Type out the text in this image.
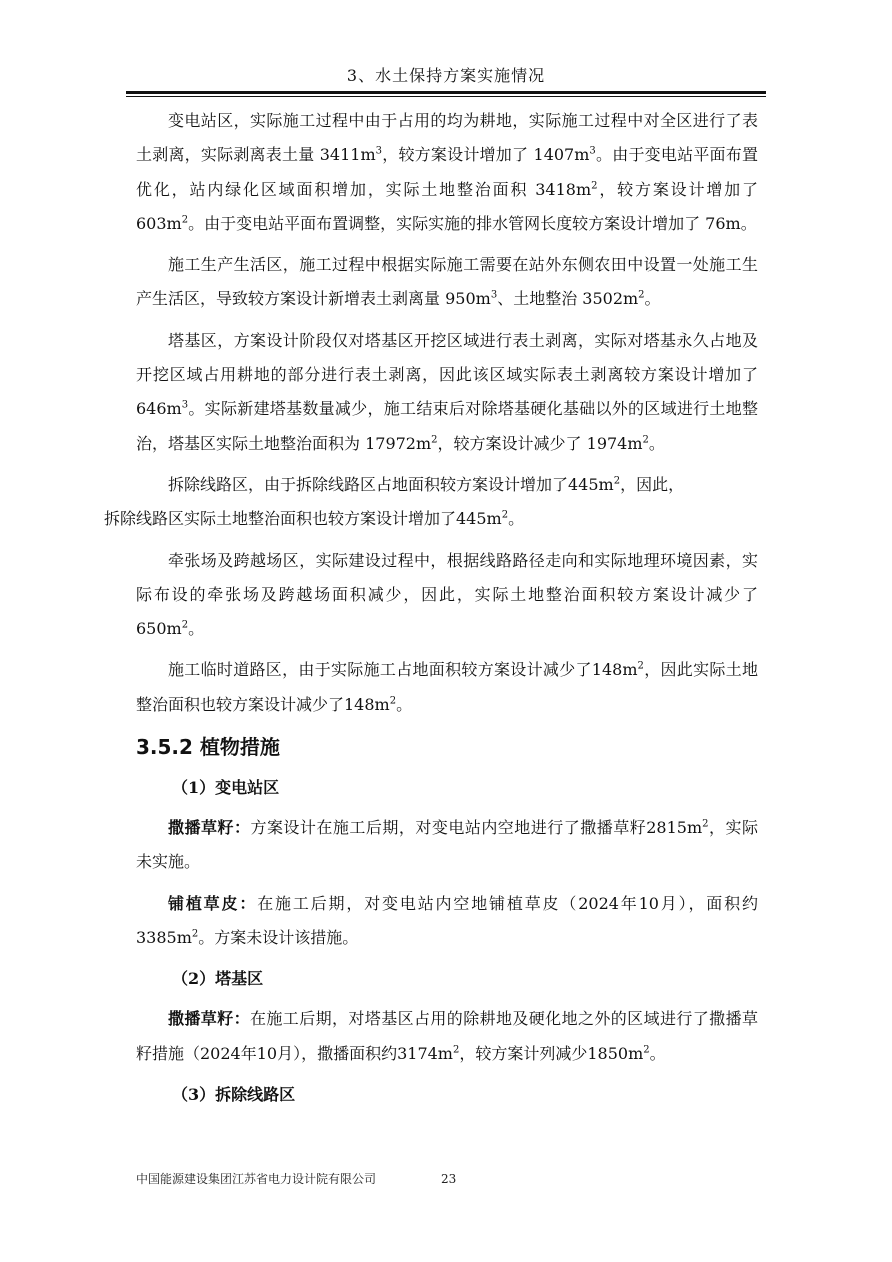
3、水土保持方案实施情况

变电站区，实际施工过程中由于占用的均为耕地，实际施工过程中对全区进行了表土剥离，实际剥离表土量 $3411m^3$，较方案设计增加了 $1407m^3$。由于变电站平面布置优化，站内绿化区域面积增加，实际土地整治面积 $3418m^2$，较方案设计增加了 $603m^2$。由于变电站平面布置调整，实际实施的排水管网长度较方案设计增加了 76m。

施工生产生活区，施工过程中根据实际施工需要在站外东侧农田中设置一处施工生产生活区，导致较方案设计新增表土剥离量 $950m^3$、土地整治 $3502m^2$。

塔基区，方案设计阶段仅对塔基区开挖区域进行表土剥离，实际对塔基永久占地及开挖区域占用耕地的部分进行表土剥离，因此该区域实际表土剥离较方案设计增加了 $646m^3$。实际新建塔基数量减少，施工结束后对除塔基硬化基础以外的区域进行土地整治，塔基区实际土地整治面积为 $17972m^2$，较方案设计减少了 $1974m^2$。

拆除线路区，由于拆除线路区占地面积较方案设计增加了$445m^2$，因此，
拆除线路区实际土地整治面积也较方案设计增加了$445m^2$。

牵张场及跨越场区，实际建设过程中，根据线路路径走向和实际地理环境因素，实际布设的牵张场及跨越场面积减少，因此，实际土地整治面积较方案设计减少了$650m^2$。

施工临时道路区，由于实际施工占地面积较方案设计减少了$148m^2$，因此实际土地整治面积也较方案设计减少了$148m^2$。

3.5.2 植物措施
（1）变电站区

撒播草籽：方案设计在施工后期，对变电站内空地进行了撒播草籽$2815m^2$，实际未实施。

铺植草皮：在施工后期，对变电站内空地铺植草皮（2024年10月），面积约 $3385m^2$。方案未设计该措施。

（2）塔基区

撒播草籽：在施工后期，对塔基区占用的除耕地及硬化地之外的区域进行了撒播草籽措施（2024年10月），撒播面积约$3174m^2$，较方案计列减少$1850m^2$。

（3）拆除线路区
中国能源建设集团江苏省电力设计院有限公司	23
